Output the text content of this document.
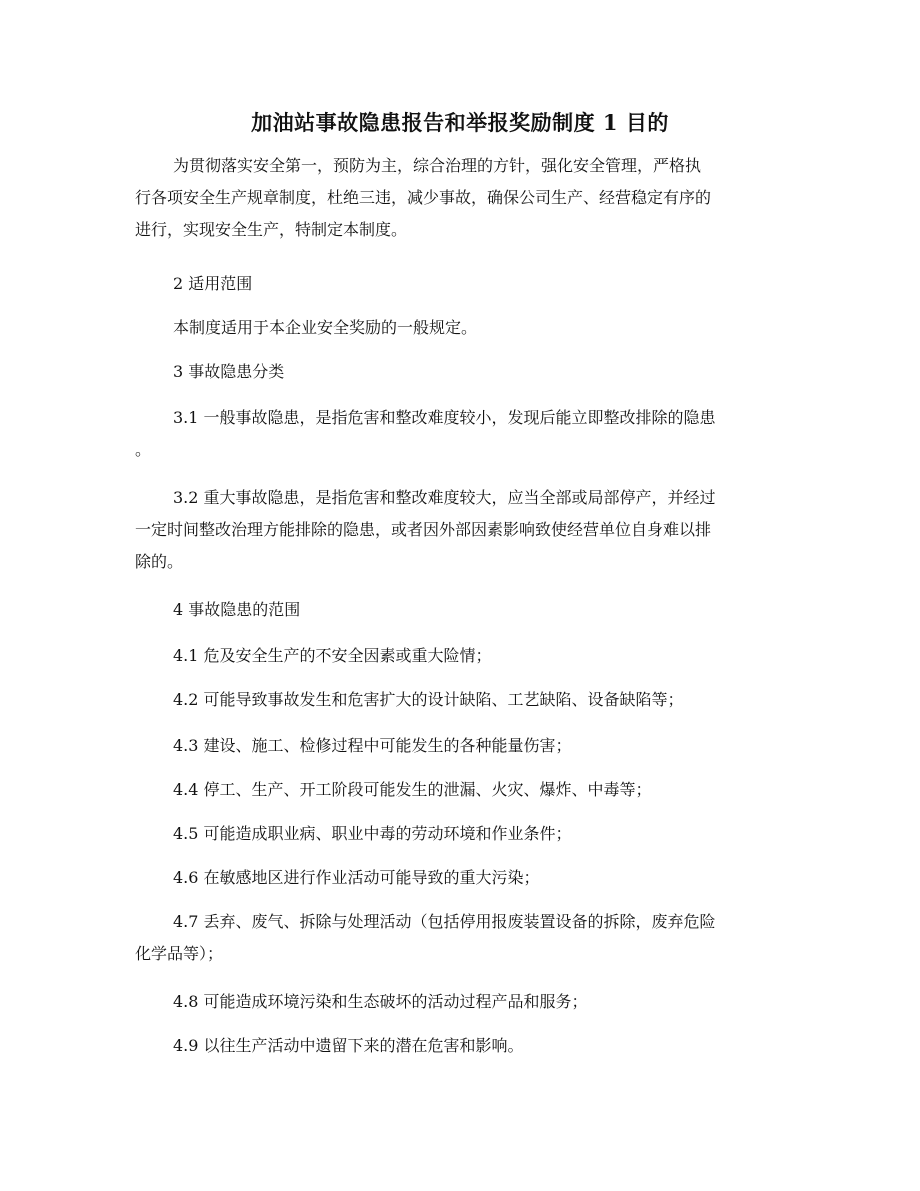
加油站事故隐患报告和举报奖励制度 1 目的

为贯彻落实安全第一，预防为主，综合治理的方针，强化安全管理，严格执
行各项安全生产规章制度，杜绝三违，减少事故，确保公司生产、经营稳定有序的
进行，实现安全生产，特制定本制度。

2 适用范围

本制度适用于本企业安全奖励的一般规定。

3 事故隐患分类

3.1 一般事故隐患，是指危害和整改难度较小，发现后能立即整改排除的隐患
。

3.2 重大事故隐患，是指危害和整改难度较大，应当全部或局部停产，并经过
一定时间整改治理方能排除的隐患，或者因外部因素影响致使经营单位自身难以排
除的。

4 事故隐患的范围

4.1 危及安全生产的不安全因素或重大险情；

4.2 可能导致事故发生和危害扩大的设计缺陷、工艺缺陷、设备缺陷等；

4.3 建设、施工、检修过程中可能发生的各种能量伤害；

4.4 停工、生产、开工阶段可能发生的泄漏、火灾、爆炸、中毒等；

4.5 可能造成职业病、职业中毒的劳动环境和作业条件；

4.6 在敏感地区进行作业活动可能导致的重大污染；

4.7 丢弃、废气、拆除与处理活动（包括停用报废装置设备的拆除，废弃危险
化学品等）；

4.8 可能造成环境污染和生态破坏的活动过程产品和服务；

4.9 以往生产活动中遗留下来的潜在危害和影响。
